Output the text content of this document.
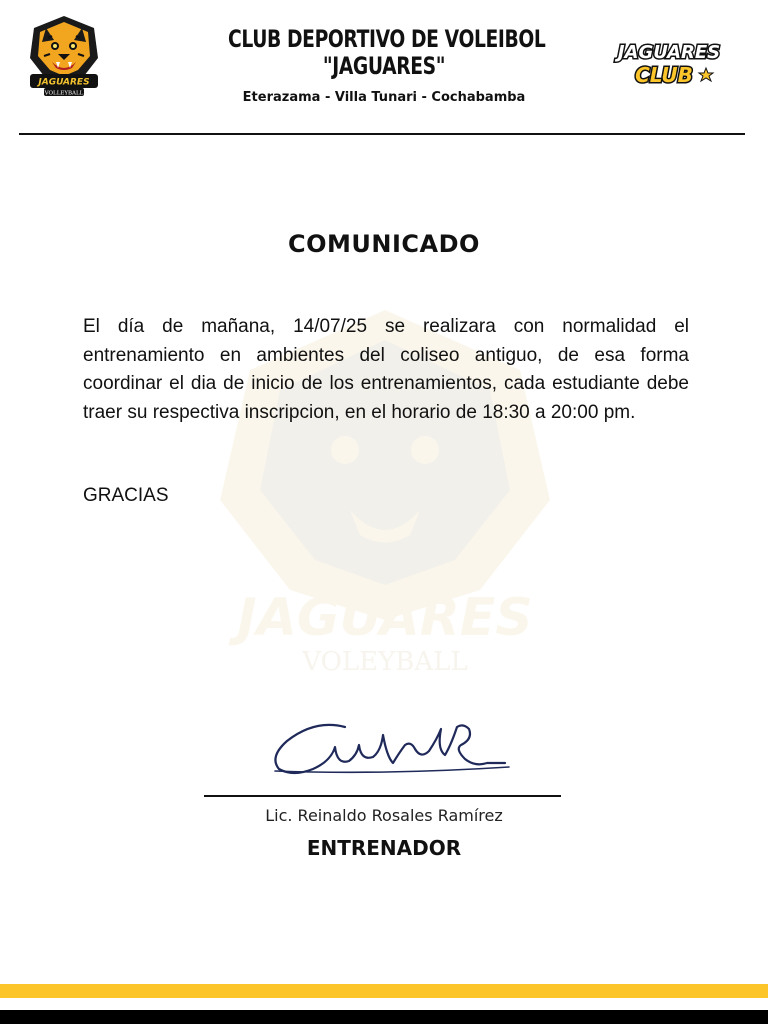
JAGUARES
VOLLEYBALL
CLUB DEPORTIVO DE VOLEIBOL
"JAGUARES"
Eterazama - Villa Tunari - Cochabamba
JAGUARES
CLUB
JAGUARES
VOLEYBALL
COMUNICADO
El día de mañana, 14/07/25 se realizara con normalidad el entrenamiento en ambientes del coliseo antiguo, de esa forma coordinar el dia de inicio de los entrenamientos, cada estudiante debe traer su respectiva inscripcion, en el horario de 18:30 a 20:00 pm.
GRACIAS
Lic. Reinaldo Rosales Ramírez
ENTRENADOR
